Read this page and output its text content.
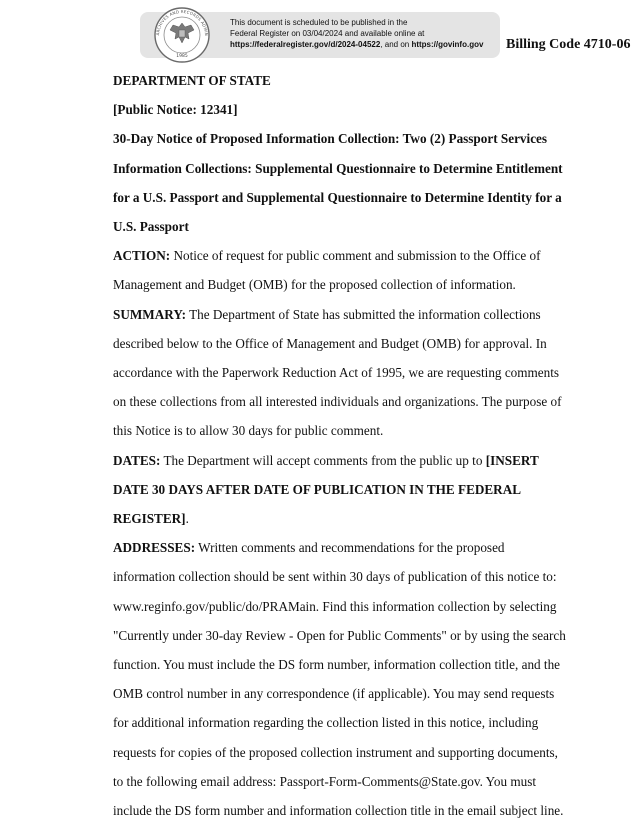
ARCHIVES AND RECORDS ADMIN
1985
This document is scheduled to be published in the
Federal Register on 03/04/2024 and available online at
https://federalregister.gov/d/2024-04522, and on https://govinfo.gov	Billing Code 4710-06

DEPARTMENT OF STATE

[Public Notice: 12341]

30-Day Notice of Proposed Information Collection: Two (2) Passport Services Information Collections: Supplemental Questionnaire to Determine Entitlement for a U.S. Passport and Supplemental Questionnaire to Determine Identity for a U.S. Passport

ACTION: Notice of request for public comment and submission to the Office of Management and Budget (OMB) for the proposed collection of information.

SUMMARY: The Department of State has submitted the information collections described below to the Office of Management and Budget (OMB) for approval. In accordance with the Paperwork Reduction Act of 1995, we are requesting comments on these collections from all interested individuals and organizations. The purpose of this Notice is to allow 30 days for public comment.

DATES: The Department will accept comments from the public up to [INSERT DATE 30 DAYS AFTER DATE OF PUBLICATION IN THE FEDERAL REGISTER].

ADDRESSES: Written comments and recommendations for the proposed information collection should be sent within 30 days of publication of this notice to: www.reginfo.gov/public/do/PRAMain. Find this information collection by selecting "Currently under 30-day Review - Open for Public Comments" or by using the search function. You must include the DS form number, information collection title, and the OMB control number in any correspondence (if applicable). You may send requests for additional information regarding the collection listed in this notice, including requests for copies of the proposed collection instrument and supporting documents, to the following email address: Passport-Form-Comments@State.gov. You must include the DS form number and information collection title in the email subject line.
